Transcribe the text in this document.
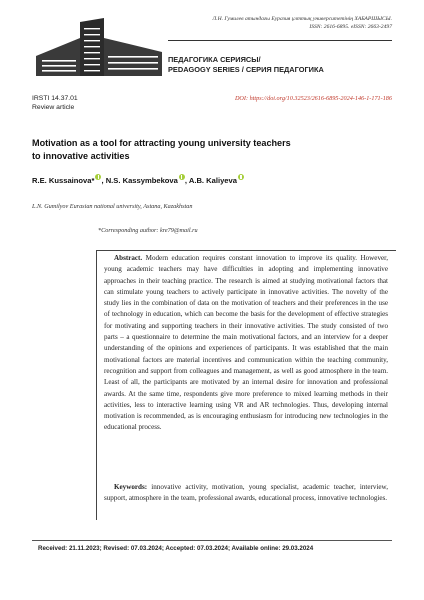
Л.Н. Гумилев атындағы Еуразия ұлттық университетінің ХАБАРШЫСЫ.
ISSN: 2616-6895. eISSN: 2663-2497
ПЕДАГОГИКА СЕРИЯСЫ/
PEDAGOGY SERIES / СЕРИЯ ПЕДАГОГИКА
IRSTI 14.37.01
Review article
DOI: https://doi.org/10.32523/2616-6895-2024-146-1-171-186
Motivation as a tool for attracting young university teachers
to innovative activities
R.E. Kussainova* , N.S. Kassymbekova , A.B. Kaliyeva
L.N. Gumilyov Eurasian national university, Astana, Kazakhstan
*Corresponding author: kre79@mail.ru
Abstract. Modern education requires constant innovation to improve its quality. However, young academic teachers may have difficulties in adopting and implementing innovative approaches in their teaching practice. The research is aimed at studying motivational factors that can stimulate young teachers to actively participate in innovative activities. The novelty of the study lies in the combination of data on the motivation of teachers and their preferences in the use of technology in education, which can become the basis for the development of effective strategies for motivating and supporting teachers in their innovative activities. The study consisted of two parts – a questionnaire to determine the main motivational factors, and an interview for a deeper understanding of the opinions and experiences of participants. It was established that the main motivational factors are material incentives and communication within the teaching community, recognition and support from colleagues and management, as well as good atmosphere in the team. Least of all, the participants are motivated by an internal desire for innovation and professional awards. At the same time, respondents give more preference to mixed learning methods in their activities, less to interactive learning using VR and AR technologies. Thus, developing internal motivation is recommended, as is encouraging enthusiasm for introducing new technologies in the educational process.
Keywords: innovative activity, motivation, young specialist, academic teacher, interview, support, atmosphere in the team, professional awards, educational process, innovative technologies.
Received: 21.11.2023; Revised: 07.03.2024; Accepted: 07.03.2024; Available online: 29.03.2024
